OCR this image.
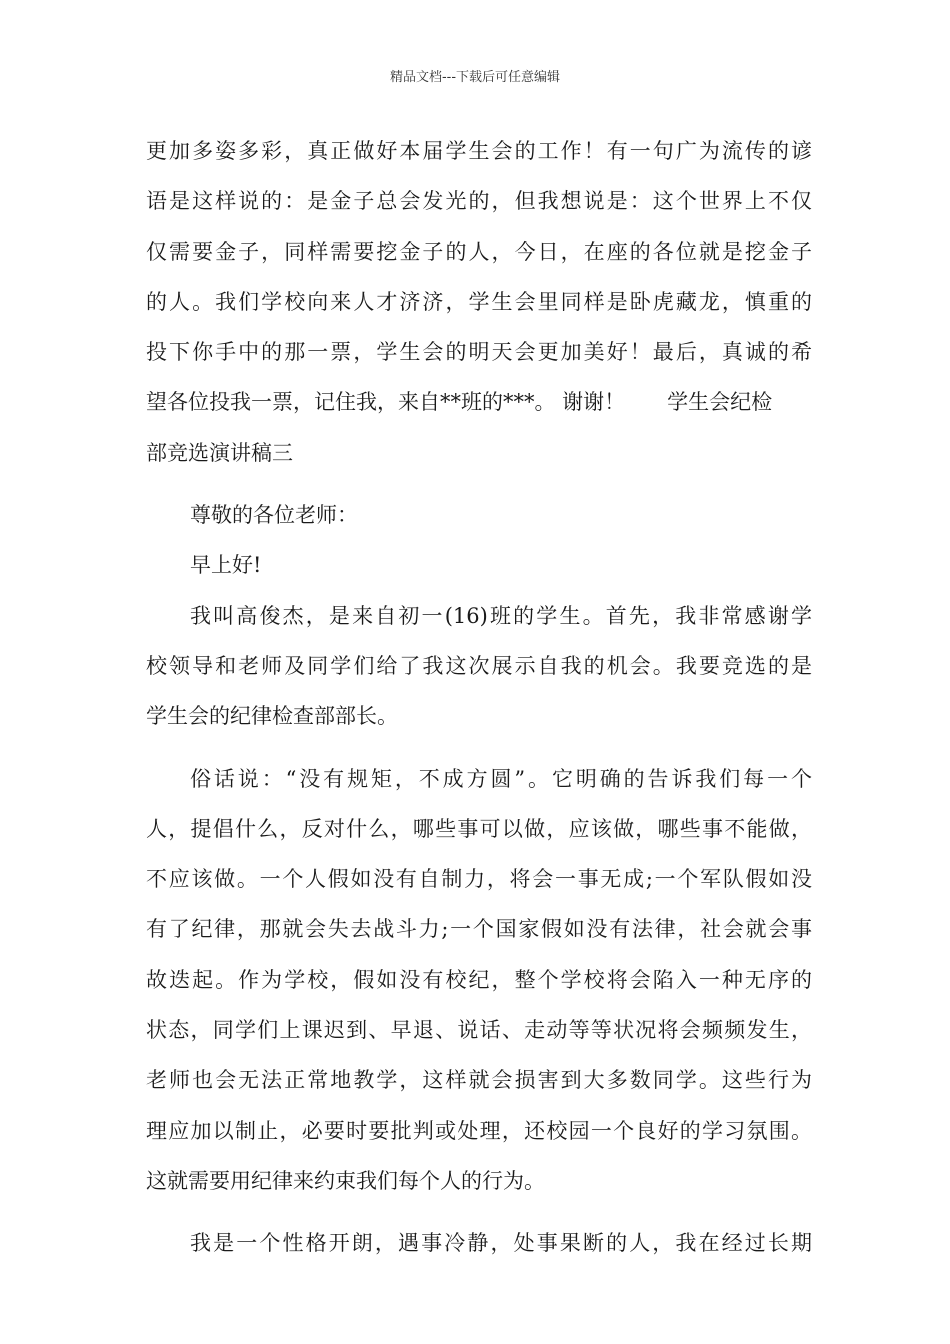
精品文档---下载后可任意编辑
更加多姿多彩，真正做好本届学生会的工作！有一句广为流传的谚
语是这样说的：是金子总会发光的，但我想说是：这个世界上不仅
仅需要金子，同样需要挖金子的人，今日，在座的各位就是挖金子
的人。我们学校向来人才济济，学生会里同样是卧虎藏龙，慎重的
投下你手中的那一票，学生会的明天会更加美好！最后，真诚的希
望各位投我一票，记住我，来自**班的***。 谢谢！　　学生会纪检
部竞选演讲稿三
尊敬的各位老师：
早上好!
我叫高俊杰，是来自初一(16)班的学生。首先，我非常感谢学
校领导和老师及同学们给了我这次展示自我的机会。我要竞选的是
学生会的纪律检查部部长。
俗话说：“没有规矩，不成方圆”。它明确的告诉我们每一个
人，提倡什么，反对什么，哪些事可以做，应该做，哪些事不能做，
不应该做。一个人假如没有自制力，将会一事无成;一个军队假如没
有了纪律，那就会失去战斗力;一个国家假如没有法律，社会就会事
故迭起。作为学校，假如没有校纪，整个学校将会陷入一种无序的
状态，同学们上课迟到、早退、说话、走动等等状况将会频频发生，
老师也会无法正常地教学，这样就会损害到大多数同学。这些行为
理应加以制止，必要时要批判或处理，还校园一个良好的学习氛围。
这就需要用纪律来约束我们每个人的行为。
我是一个性格开朗，遇事冷静，处事果断的人，我在经过长期
